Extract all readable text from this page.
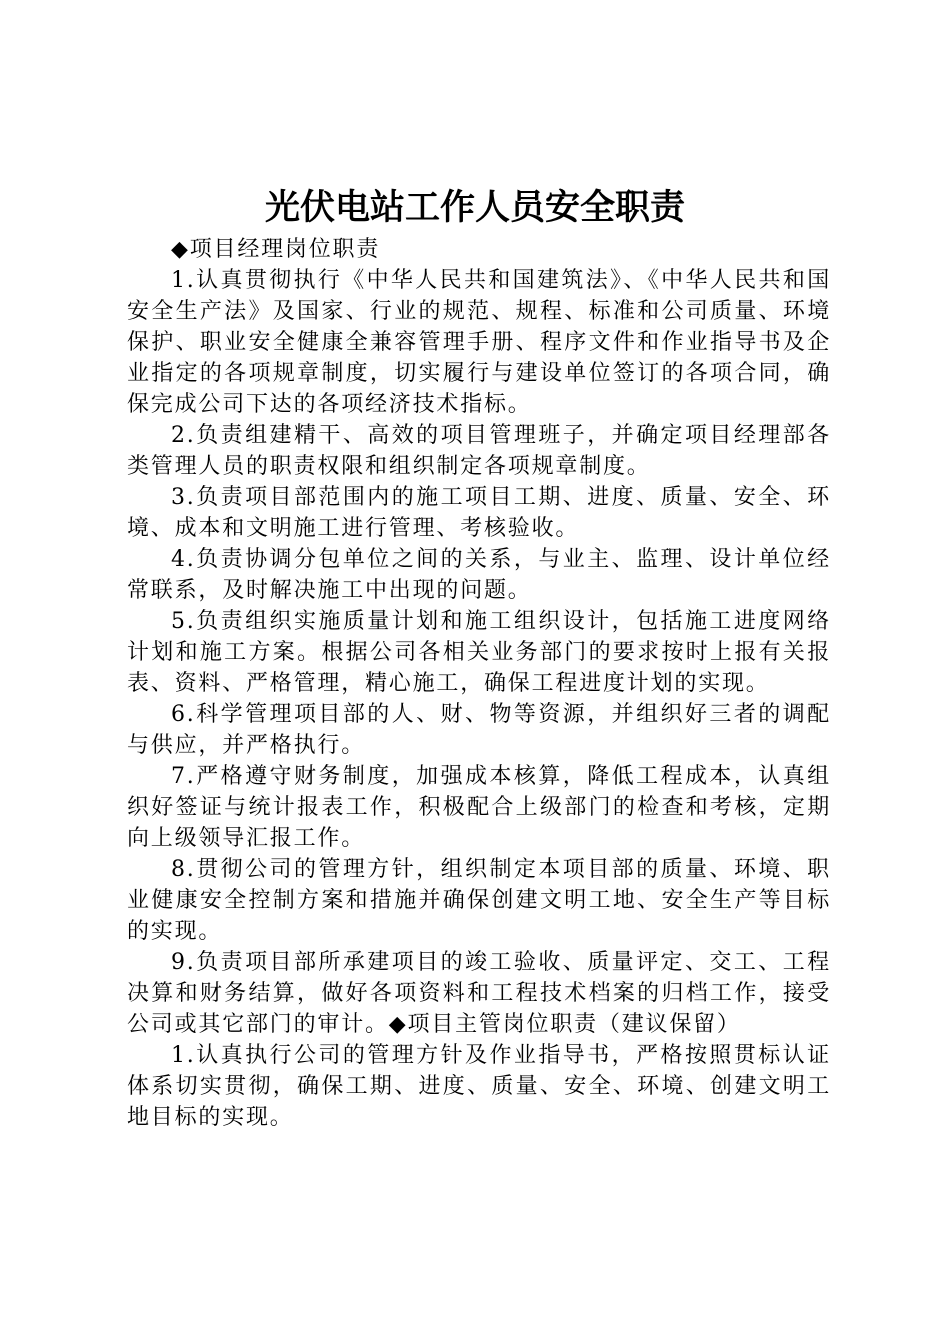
光伏电站工作人员安全职责

◆项目经理岗位职责

1.认真贯彻执行《中华人民共和国建筑法》、《中华人民共和国安全生产法》及国家、行业的规范、规程、标准和公司质量、环境保护、职业安全健康全兼容管理手册、程序文件和作业指导书及企业指定的各项规章制度，切实履行与建设单位签订的各项合同，确保完成公司下达的各项经济技术指标。

2.负责组建精干、高效的项目管理班子，并确定项目经理部各类管理人员的职责权限和组织制定各项规章制度。

3.负责项目部范围内的施工项目工期、进度、质量、安全、环境、成本和文明施工进行管理、考核验收。

4.负责协调分包单位之间的关系，与业主、监理、设计单位经常联系，及时解决施工中出现的问题。

5.负责组织实施质量计划和施工组织设计，包括施工进度网络计划和施工方案。根据公司各相关业务部门的要求按时上报有关报表、资料、严格管理，精心施工，确保工程进度计划的实现。

6.科学管理项目部的人、财、物等资源，并组织好三者的调配与供应，并严格执行。

7.严格遵守财务制度，加强成本核算，降低工程成本，认真组织好签证与统计报表工作，积极配合上级部门的检查和考核，定期向上级领导汇报工作。

8.贯彻公司的管理方针，组织制定本项目部的质量、环境、职业健康安全控制方案和措施并确保创建文明工地、安全生产等目标的实现。

9.负责项目部所承建项目的竣工验收、质量评定、交工、工程决算和财务结算，做好各项资料和工程技术档案的归档工作，接受公司或其它部门的审计。◆项目主管岗位职责（建议保留）

1.认真执行公司的管理方针及作业指导书，严格按照贯标认证体系切实贯彻，确保工期、进度、质量、安全、环境、创建文明工地目标的实现。
